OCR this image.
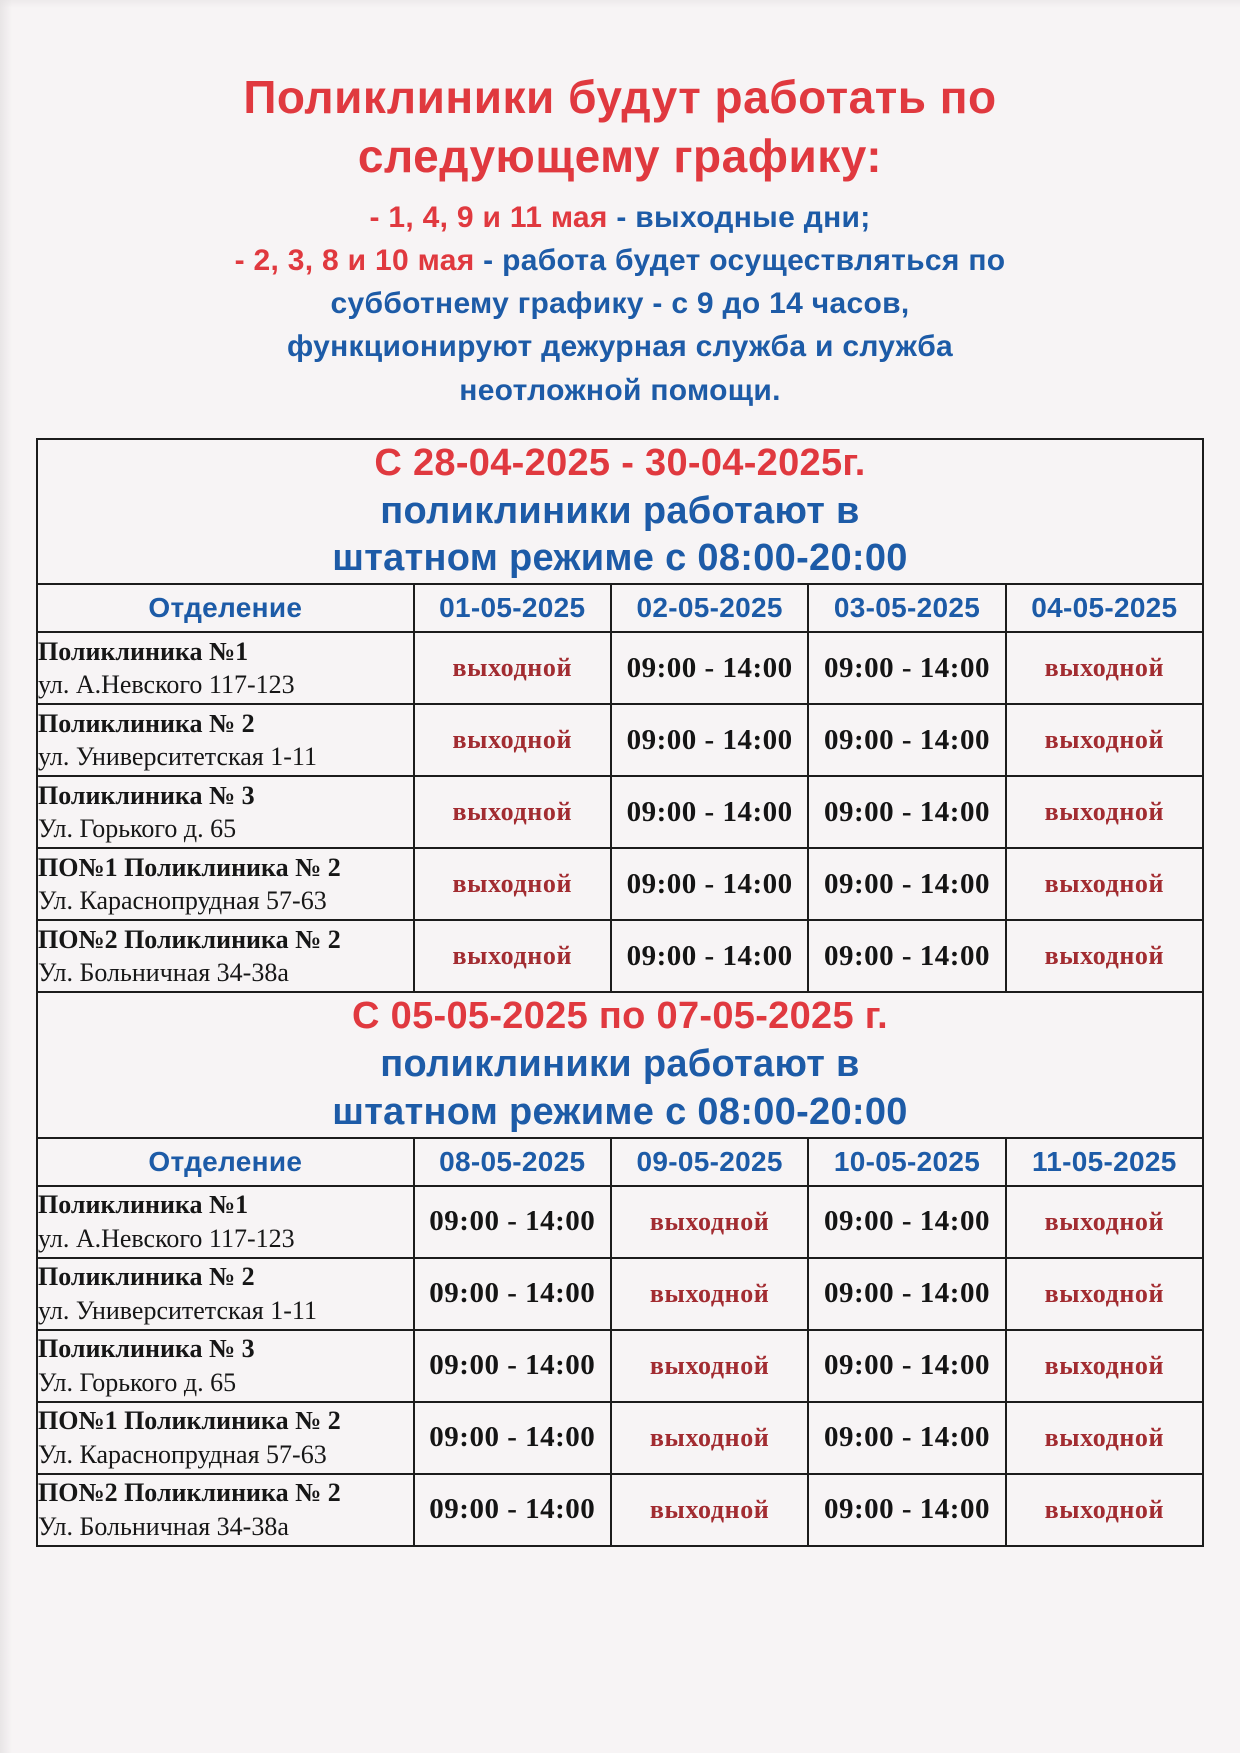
Поликлиники будут работать по
следующему графику:
- 1, 4, 9 и 11 мая - выходные дни;
- 2, 3, 8 и 10 мая - работа будет осуществляться по
субботнему графику - с 9 до 14 часов,
функционируют дежурная служба и служба
неотложной помощи.
С 28-04-2025 - 30-04-2025г.
поликлиники работают в
штатном режиме с 08:00-20:00				

Отделение	01-05-2025	02-05-2025	03-05-2025	04-05-2025

Поликлиника №1
ул. А.Невского 117-123	выходной	09:00 - 14:00	09:00 - 14:00	выходной

Поликлиника № 2
ул. Университетская 1-11	выходной	09:00 - 14:00	09:00 - 14:00	выходной

Поликлиника № 3
Ул. Горького д. 65	выходной	09:00 - 14:00	09:00 - 14:00	выходной

ПО№1 Поликлиника № 2
Ул. Караснопрудная 57-63	выходной	09:00 - 14:00	09:00 - 14:00	выходной

ПО№2 Поликлиника № 2
Ул. Больничная 34-38а	выходной	09:00 - 14:00	09:00 - 14:00	выходной

С 05-05-2025 по 07-05-2025 г.
поликлиники работают в
штатном режиме с 08:00-20:00				

Отделение	08-05-2025	09-05-2025	10-05-2025	11-05-2025

Поликлиника №1
ул. А.Невского 117-123	09:00 - 14:00	выходной	09:00 - 14:00	выходной

Поликлиника № 2
ул. Университетская 1-11	09:00 - 14:00	выходной	09:00 - 14:00	выходной

Поликлиника № 3
Ул. Горького д. 65	09:00 - 14:00	выходной	09:00 - 14:00	выходной

ПО№1 Поликлиника № 2
Ул. Караснопрудная 57-63	09:00 - 14:00	выходной	09:00 - 14:00	выходной

ПО№2 Поликлиника № 2
Ул. Больничная 34-38а	09:00 - 14:00	выходной	09:00 - 14:00	выходной
